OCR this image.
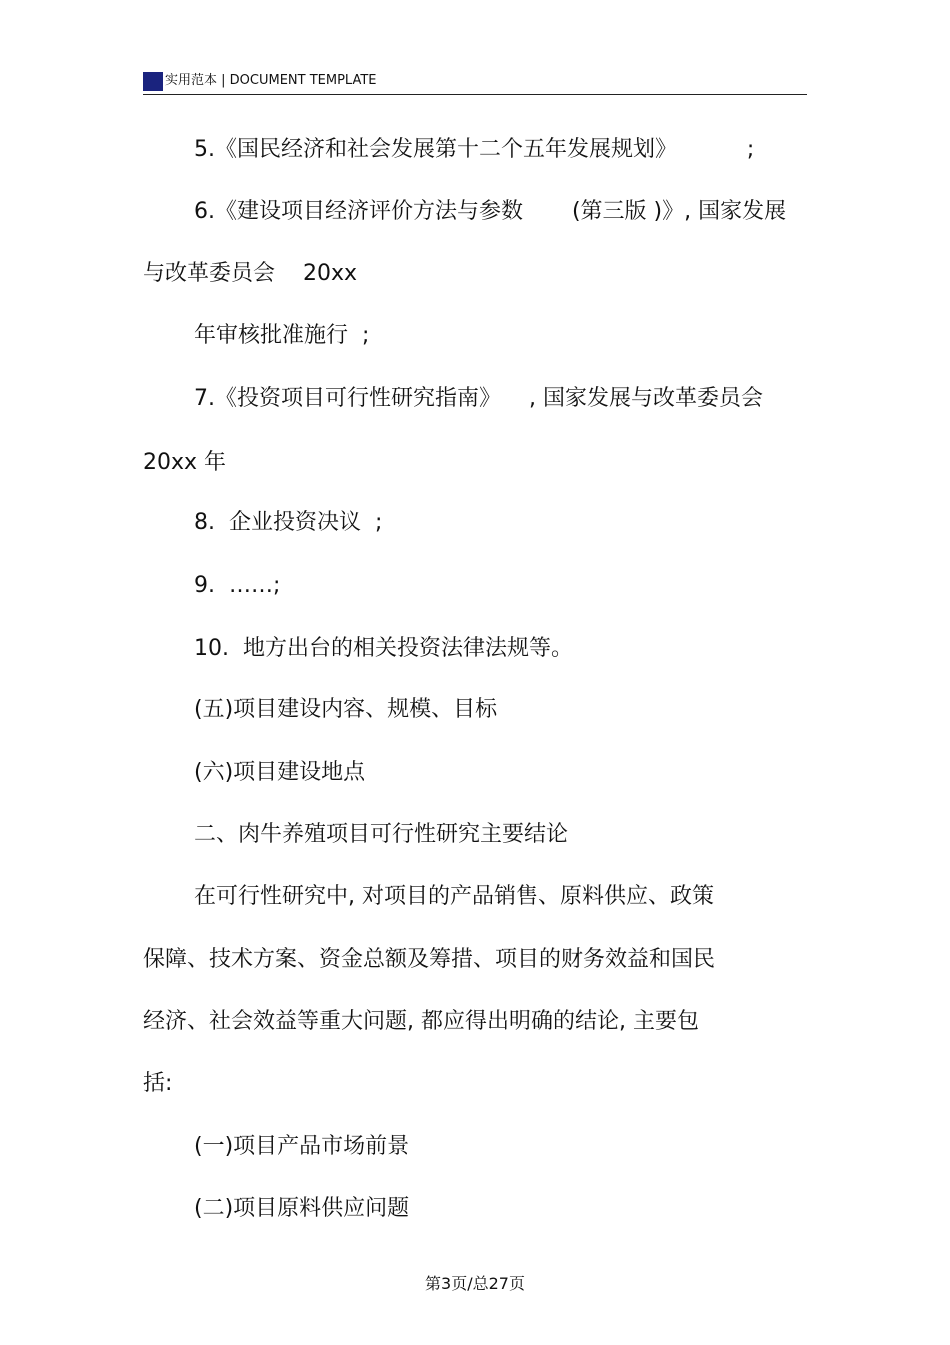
实用范本 | DOCUMENT TEMPLATE
5.《国民经济和社会发展第十二个五年发展规划》          ;
6.《建设项目经济评价方法与参数       (第三版 )》, 国家发展
与改革委员会    20xx
年审核批准施行  ;
7.《投资项目可行性研究指南》    , 国家发展与改革委员会
20xx 年
8.  企业投资决议  ;
9.  ……;
10.  地方出台的相关投资法律法规等。
(五)项目建设内容、规模、目标
(六)项目建设地点
二、肉牛养殖项目可行性研究主要结论
在可行性研究中, 对项目的产品销售、原料供应、政策
保障、技术方案、资金总额及筹措、项目的财务效益和国民
经济、社会效益等重大问题, 都应得出明确的结论, 主要包
括:
(一)项目产品市场前景
(二)项目原料供应问题
第3页/总27页
